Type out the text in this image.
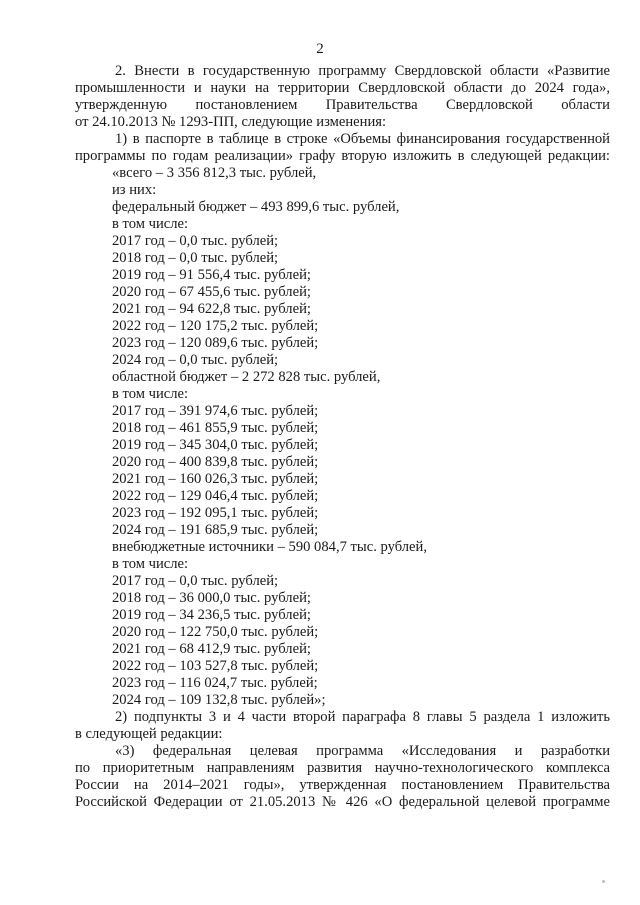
2
2. Внести в государственную программу Свердловской области «Развитие
промышленности и науки на территории Свердловской области до 2024 года»,
утвержденную постановлением Правительства Свердловской области
от 24.10.2013 № 1293-ПП, следующие изменения:
1) в паспорте в таблице в строке «Объемы финансирования государственной
программы по годам реализации» графу вторую изложить в следующей редакции:
«всего – 3 356 812,3 тыс. рублей,
из них:
федеральный бюджет – 493 899,6 тыс. рублей,
в том числе:
2017 год – 0,0 тыс. рублей;
2018 год – 0,0 тыс. рублей;
2019 год – 91 556,4 тыс. рублей;
2020 год – 67 455,6 тыс. рублей;
2021 год – 94 622,8 тыс. рублей;
2022 год – 120 175,2 тыс. рублей;
2023 год – 120 089,6 тыс. рублей;
2024 год – 0,0 тыс. рублей;
областной бюджет – 2 272 828 тыс. рублей,
в том числе:
2017 год – 391 974,6 тыс. рублей;
2018 год – 461 855,9 тыс. рублей;
2019 год – 345 304,0 тыс. рублей;
2020 год – 400 839,8 тыс. рублей;
2021 год – 160 026,3 тыс. рублей;
2022 год – 129 046,4 тыс. рублей;
2023 год – 192 095,1 тыс. рублей;
2024 год – 191 685,9 тыс. рублей;
внебюджетные источники – 590 084,7 тыс. рублей,
в том числе:
2017 год – 0,0 тыс. рублей;
2018 год – 36 000,0 тыс. рублей;
2019 год – 34 236,5 тыс. рублей;
2020 год – 122 750,0 тыс. рублей;
2021 год – 68 412,9 тыс. рублей;
2022 год – 103 527,8 тыс. рублей;
2023 год – 116 024,7 тыс. рублей;
2024 год – 109 132,8 тыс. рублей»;
2) подпункты 3 и 4 части второй параграфа 8 главы 5 раздела 1 изложить
в следующей редакции:
«3) федеральная целевая программа «Исследования и разработки
по приоритетным направлениям развития научно-технологического комплекса
России на 2014–2021 годы», утвержденная постановлением Правительства
Российской Федерации от 21.05.2013 № 426 «О федеральной целевой программе
